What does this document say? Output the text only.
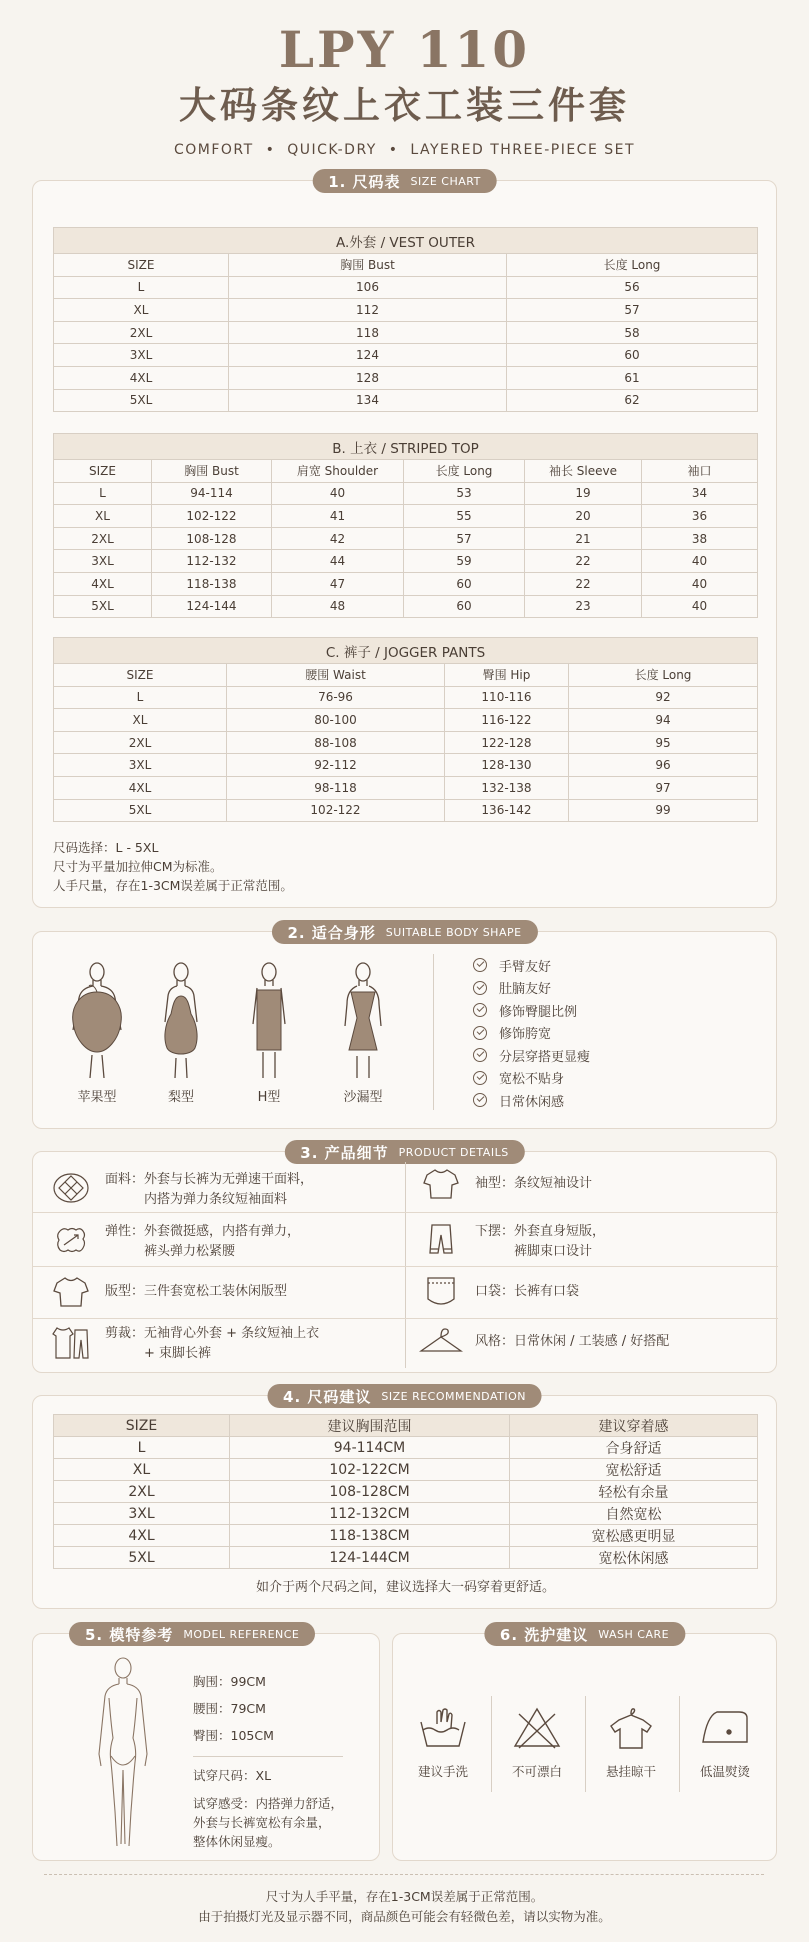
LPY 110
大码条纹上衣工装三件套
COMFORT  •  QUICK-DRY  •  LAYERED THREE-PIECE SET
1. 尺码表 SIZE CHART
A.外套 / VEST OUTER		
SIZE	胸围 Bust	长度 Long
L	106	56
XL	112	57
2XL	118	58
3XL	124	60
4XL	128	61
5XL	134	62
B. 上衣 / STRIPED TOP					
SIZE	胸围 Bust	肩宽 Shoulder	长度 Long	袖长 Sleeve	袖口
L	94-114	40	53	19	34
XL	102-122	41	55	20	36
2XL	108-128	42	57	21	38
3XL	112-132	44	59	22	40
4XL	118-138	47	60	22	40
5XL	124-144	48	60	23	40
C. 裤子 / JOGGER PANTS			
SIZE	腰围 Waist	臀围 Hip	长度 Long
L	76-96	110-116	92
XL	80-100	116-122	94
2XL	88-108	122-128	95
3XL	92-112	128-130	96
4XL	98-118	132-138	97
5XL	102-122	136-142	99
尺码选择：L - 5XL
尺寸为平量加拉伸CM为标准。
人手尺量，存在1-3CM误差属于正常范围。
2. 适合身形 SUITABLE BODY SHAPE
苹果型	梨型	H型	沙漏型
手臂友好
肚腩友好
修饰臀腿比例
修饰胯宽
分层穿搭更显瘦
宽松不贴身
日常休闲感
3. 产品细节 PRODUCT DETAILS
面料：外套与长裤为无弹速干面料，
内搭为弹力条纹短袖面料
袖型：条纹短袖设计
弹性：外套微挺感，内搭有弹力，
裤头弹力松紧腰
下摆：外套直身短版，
裤脚束口设计
版型：三件套宽松工装休闲版型	口袋：长裤有口袋
剪裁：无袖背心外套 + 条纹短袖上衣
+ 束脚长裤
风格：日常休闲 / 工装感 / 好搭配
4. 尺码建议 SIZE RECOMMENDATION
SIZE	建议胸围范围	建议穿着感
L	94-114CM	合身舒适
XL	102-122CM	宽松舒适
2XL	108-128CM	轻松有余量
3XL	112-132CM	自然宽松
4XL	118-138CM	宽松感更明显
5XL	124-144CM	宽松休闲感
如介于两个尺码之间，建议选择大一码穿着更舒适。
5. 模特参考 MODEL REFERENCE
胸围：99CM
腰围：79CM
臀围：105CM
试穿尺码：XL
试穿感受：内搭弹力舒适，
外套与长裤宽松有余量，
整体休闲显瘦。
6. 洗护建议 WASH CARE
建议手洗	不可漂白	悬挂晾干	低温熨烫
尺寸为人手平量，存在1-3CM误差属于正常范围。
由于拍摄灯光及显示器不同，商品颜色可能会有轻微色差，请以实物为准。
